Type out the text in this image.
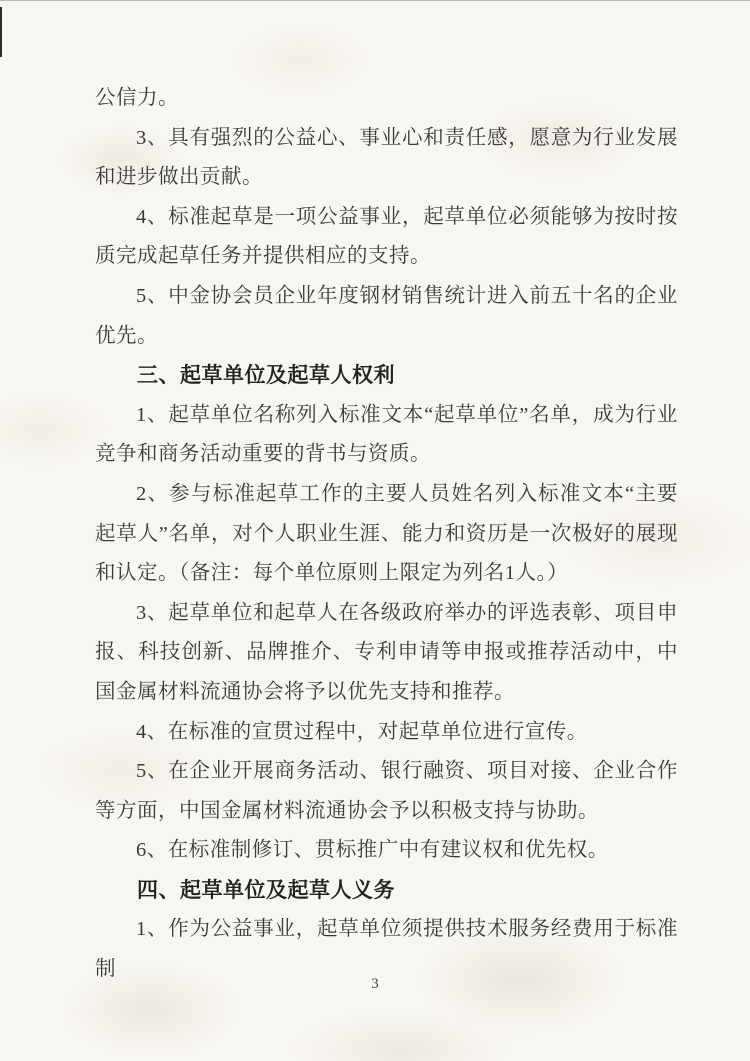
公信力。

3、具有强烈的公益心、事业心和责任感，愿意为行业发展和进步做出贡献。

4、标准起草是一项公益事业，起草单位必须能够为按时按质完成起草任务并提供相应的支持。

5、中金协会员企业年度钢材销售统计进入前五十名的企业优先。

三、起草单位及起草人权利

1、起草单位名称列入标准文本“起草单位”名单，成为行业竞争和商务活动重要的背书与资质。

2、参与标准起草工作的主要人员姓名列入标准文本“主要起草人”名单，对个人职业生涯、能力和资历是一次极好的展现和认定。（备注：每个单位原则上限定为列名1人。）

3、起草单位和起草人在各级政府举办的评选表彰、项目申报、科技创新、品牌推介、专利申请等申报或推荐活动中，中国金属材料流通协会将予以优先支持和推荐。

4、在标准的宣贯过程中，对起草单位进行宣传。

5、在企业开展商务活动、银行融资、项目对接、企业合作等方面，中国金属材料流通协会予以积极支持与协助。

6、在标准制修订、贯标推广中有建议权和优先权。

四、起草单位及起草人义务

1、作为公益事业，起草单位须提供技术服务经费用于标准制

3
